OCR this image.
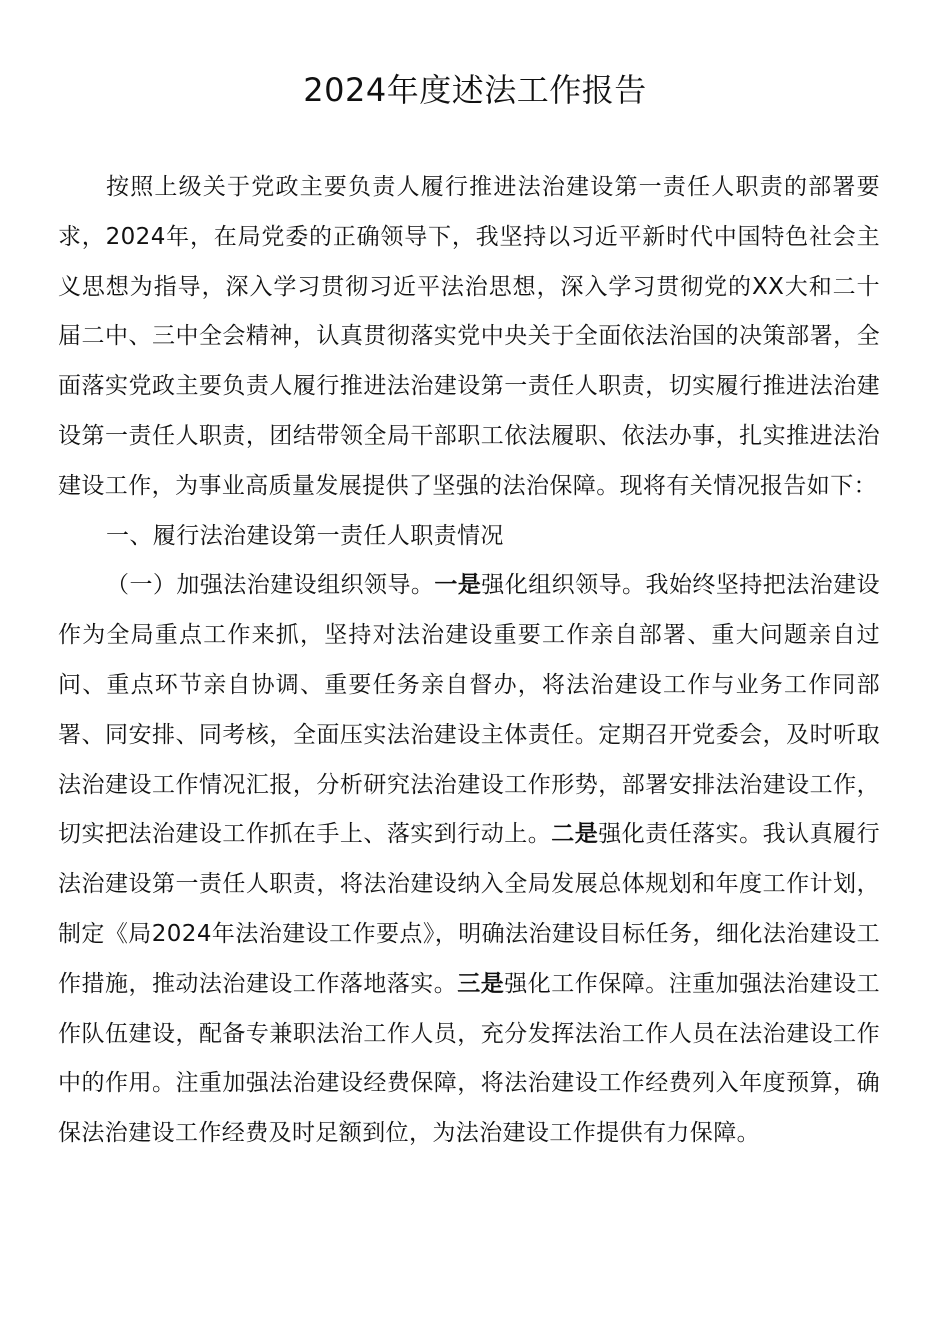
2024年度述法工作报告

按照上级关于党政主要负责人履行推进法治建设第一责任人职责的部署要求，2024年，在局党委的正确领导下，我坚持以习近平新时代中国特色社会主义思想为指导，深入学习贯彻习近平法治思想，深入学习贯彻党的XX大和二十届二中、三中全会精神，认真贯彻落实党中央关于全面依法治国的决策部署，全面落实党政主要负责人履行推进法治建设第一责任人职责，切实履行推进法治建设第一责任人职责，团结带领全局干部职工依法履职、依法办事，扎实推进法治建设工作，为事业高质量发展提供了坚强的法治保障。现将有关情况报告如下：

一、履行法治建设第一责任人职责情况

（一）加强法治建设组织领导。一是强化组织领导。我始终坚持把法治建设作为全局重点工作来抓，坚持对法治建设重要工作亲自部署、重大问题亲自过问、重点环节亲自协调、重要任务亲自督办，将法治建设工作与业务工作同部署、同安排、同考核，全面压实法治建设主体责任。定期召开党委会，及时听取法治建设工作情况汇报，分析研究法治建设工作形势，部署安排法治建设工作，切实把法治建设工作抓在手上、落实到行动上。二是强化责任落实。我认真履行法治建设第一责任人职责，将法治建设纳入全局发展总体规划和年度工作计划，制定《局2024年法治建设工作要点》，明确法治建设目标任务，细化法治建设工作措施，推动法治建设工作落地落实。三是强化工作保障。注重加强法治建设工作队伍建设，配备专兼职法治工作人员，充分发挥法治工作人员在法治建设工作中的作用。注重加强法治建设经费保障，将法治建设工作经费列入年度预算，确保法治建设工作经费及时足额到位，为法治建设工作提供有力保障。
